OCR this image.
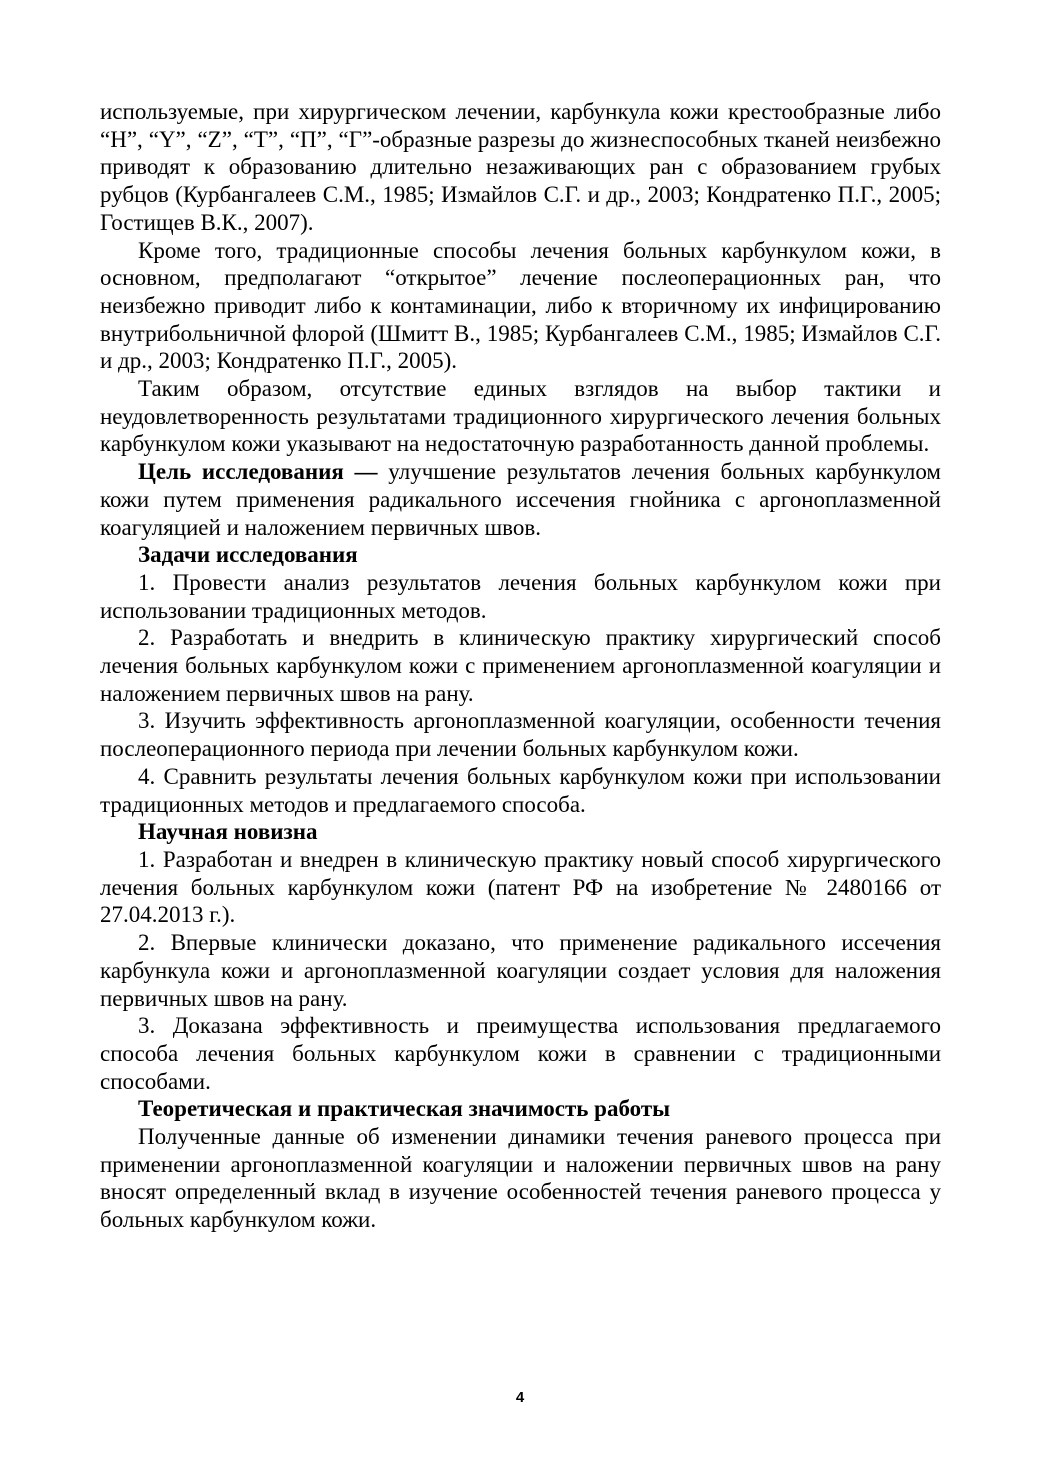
используемые, при хирургическом лечении, карбункула кожи крестообразные либо “Н”, “Y”, “Z”, “Т”, “П”, “Г”-образные разрезы до жизнеспособных тканей неизбежно приводят к образованию длительно незаживающих ран с образованием грубых рубцов (Курбангалеев С.М., 1985; Измайлов С.Г. и др., 2003; Кондратенко П.Г., 2005; Гостищев В.К., 2007).

Кроме того, традиционные способы лечения больных карбункулом кожи, в основном, предполагают “открытое” лечение послеоперационных ран, что неизбежно приводит либо к контаминации, либо к вторичному их инфицированию внутрибольничной флорой (Шмитт В., 1985; Курбангалеев С.М., 1985; Измайлов С.Г. и др., 2003; Кондратенко П.Г., 2005).

Таким образом, отсутствие единых взглядов на выбор тактики и неудовлетворенность результатами традиционного хирургического лечения больных карбункулом кожи указывают на недостаточную разработанность данной проблемы.

Цель исследования — улучшение результатов лечения больных карбункулом кожи путем применения радикального иссечения гнойника с аргоноплазменной коагуляцией и наложением первичных швов.

Задачи исследования

1. Провести анализ результатов лечения больных карбункулом кожи при использовании традиционных методов.

2. Разработать и внедрить в клиническую практику хирургический способ лечения больных карбункулом кожи с применением аргоноплазменной коагуляции и наложением первичных швов на рану.

3. Изучить эффективность аргоноплазменной коагуляции, особенности течения послеоперационного периода при лечении больных карбункулом кожи.

4. Сравнить результаты лечения больных карбункулом кожи при использовании традиционных методов и предлагаемого способа.

Научная новизна

1. Разработан и внедрен в клиническую практику новый способ хирургического лечения больных карбункулом кожи (патент РФ на изобретение № 2480166 от 27.04.2013 г.).

2. Впервые клинически доказано, что применение радикального иссечения карбункула кожи и аргоноплазменной коагуляции создает условия для наложения первичных швов на рану.

3. Доказана эффективность и преимущества использования предлагаемого способа лечения больных карбункулом кожи в сравнении с традиционными способами.

Теоретическая и практическая значимость работы

Полученные данные об изменении динамики течения раневого процесса при применении аргоноплазменной коагуляции и наложении первичных швов на рану вносят определенный вклад в изучение особенностей течения раневого процесса у больных карбункулом кожи.

4
